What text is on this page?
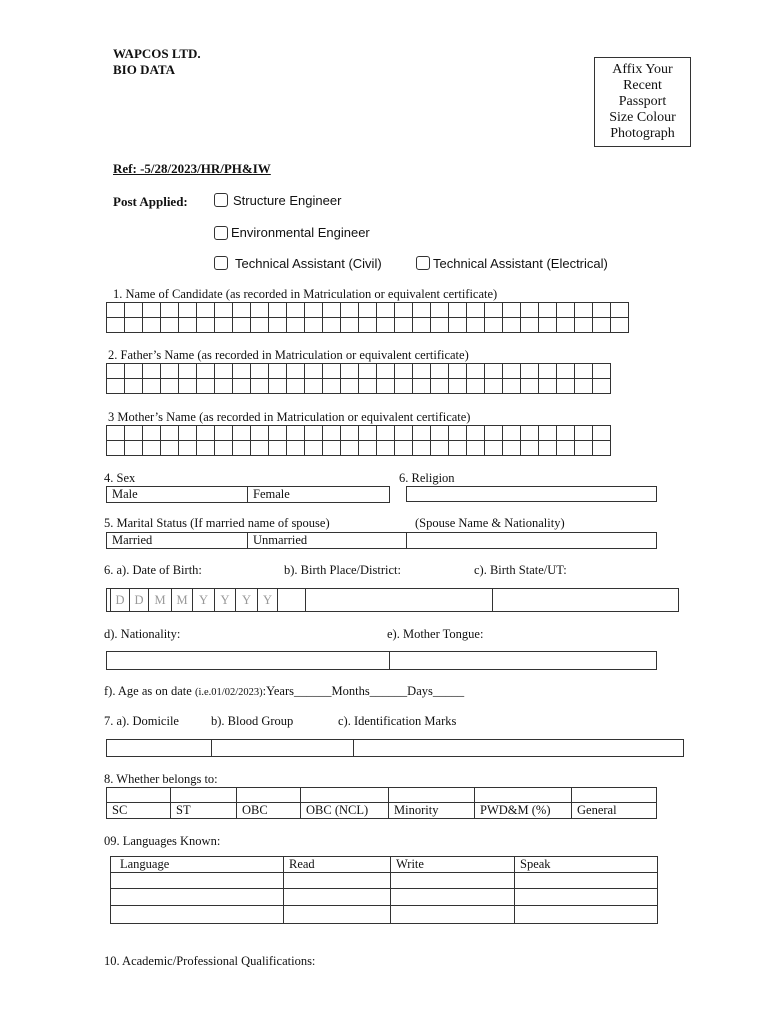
WAPCOS LTD.
BIO DATA	Affix Your
Recent
Passport
Size Colour
Photograph
Ref: -5/28/2023/HR/PH&IW
Post Applied:	Structure Engineer
Environmental Engineer
Technical Assistant (Civil)	Technical Assistant (Electrical)
1. Name of Candidate (as recorded in Matriculation or equivalent certificate)

2. Father’s Name (as recorded in Matriculation or equivalent certificate)

3 Mother’s Name (as recorded in Matriculation or equivalent certificate)

4. Sex
Male	Female
6. Religion
5. Marital Status (If married name of spouse)	(Spouse Name & Nationality)
Married	Unmarried	
6. a). Date of Birth:	b). Birth Place/District:	c). Birth State/UT:
D	D	M	M	Y	Y	Y	Y
d). Nationality:	e). Mother Tongue:
f). Age as on date (i.e.01/02/2023):Years______Months______Days_____
7. a). Domicile	b). Blood Group	c). Identification Marks

8. Whether belongs to:

SC	ST	OBC	OBC (NCL)	Minority	PWD&M (%)	General
09. Languages Known:
Language	Read	Write	Speak

10. Academic/Professional Qualifications:
